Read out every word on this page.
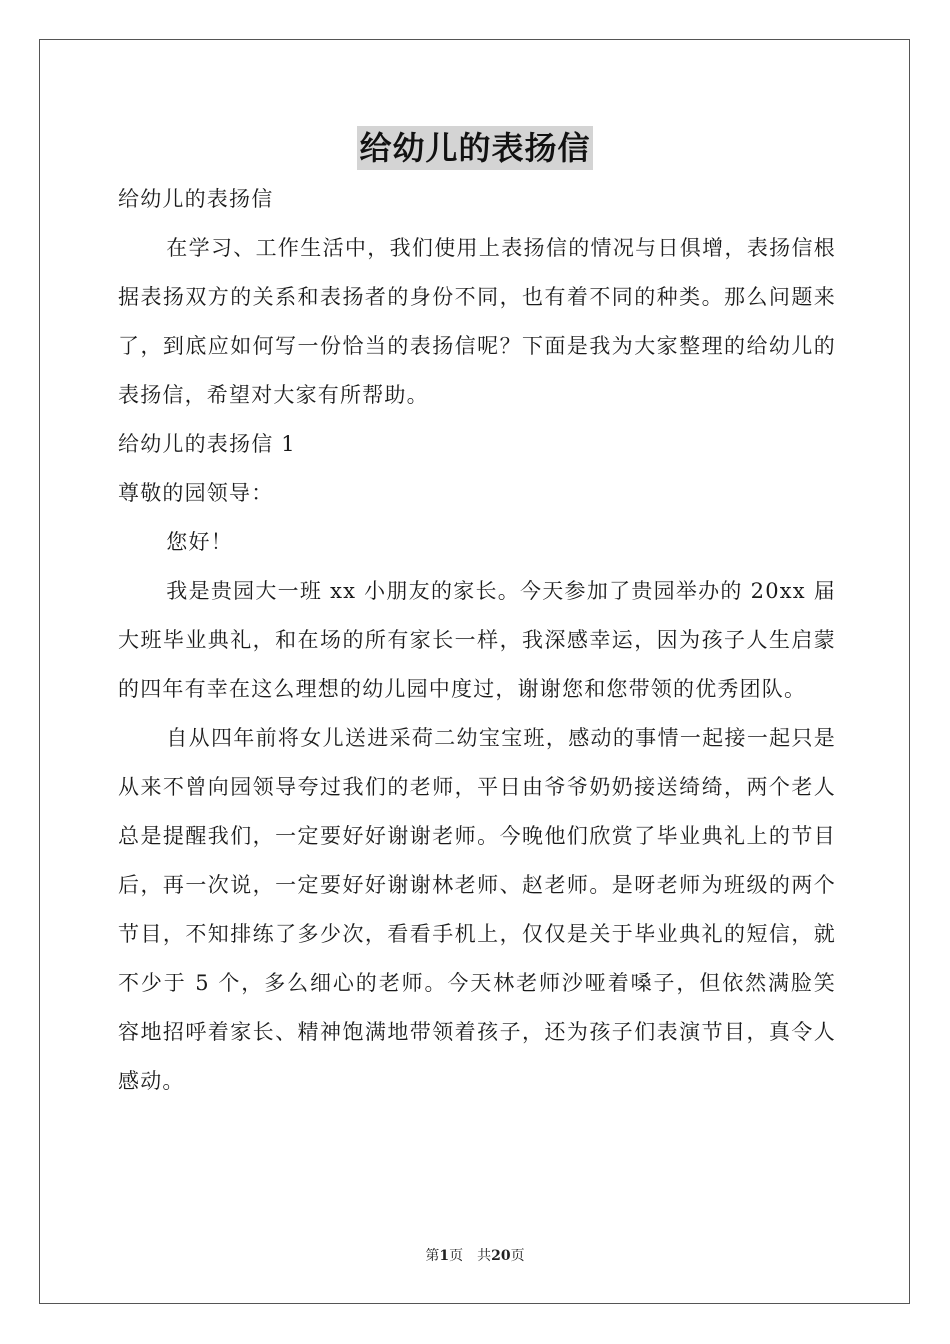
给幼儿的表扬信

给幼儿的表扬信

在学习、工作生活中，我们使用上表扬信的情况与日俱增，表扬信根据表扬双方的关系和表扬者的身份不同，也有着不同的种类。那么问题来了，到底应如何写一份恰当的表扬信呢？下面是我为大家整理的给幼儿的表扬信，希望对大家有所帮助。

给幼儿的表扬信 1

尊敬的园领导：

您好！

我是贵园大一班 xx 小朋友的家长。今天参加了贵园举办的 20xx 届大班毕业典礼，和在场的所有家长一样，我深感幸运，因为孩子人生启蒙的四年有幸在这么理想的幼儿园中度过，谢谢您和您带领的优秀团队。

自从四年前将女儿送进采荷二幼宝宝班，感动的事情一起接一起只是从来不曾向园领导夸过我们的老师，平日由爷爷奶奶接送绮绮，两个老人总是提醒我们，一定要好好谢谢老师。今晚他们欣赏了毕业典礼上的节目后，再一次说，一定要好好谢谢林老师、赵老师。是呀老师为班级的两个节目，不知排练了多少次，看看手机上，仅仅是关于毕业典礼的短信，就不少于 5 个，多么细心的老师。今天林老师沙哑着嗓子，但依然满脸笑容地招呼着家长、精神饱满地带领着孩子，还为孩子们表演节目，真令人感动。

第1页 共20页
